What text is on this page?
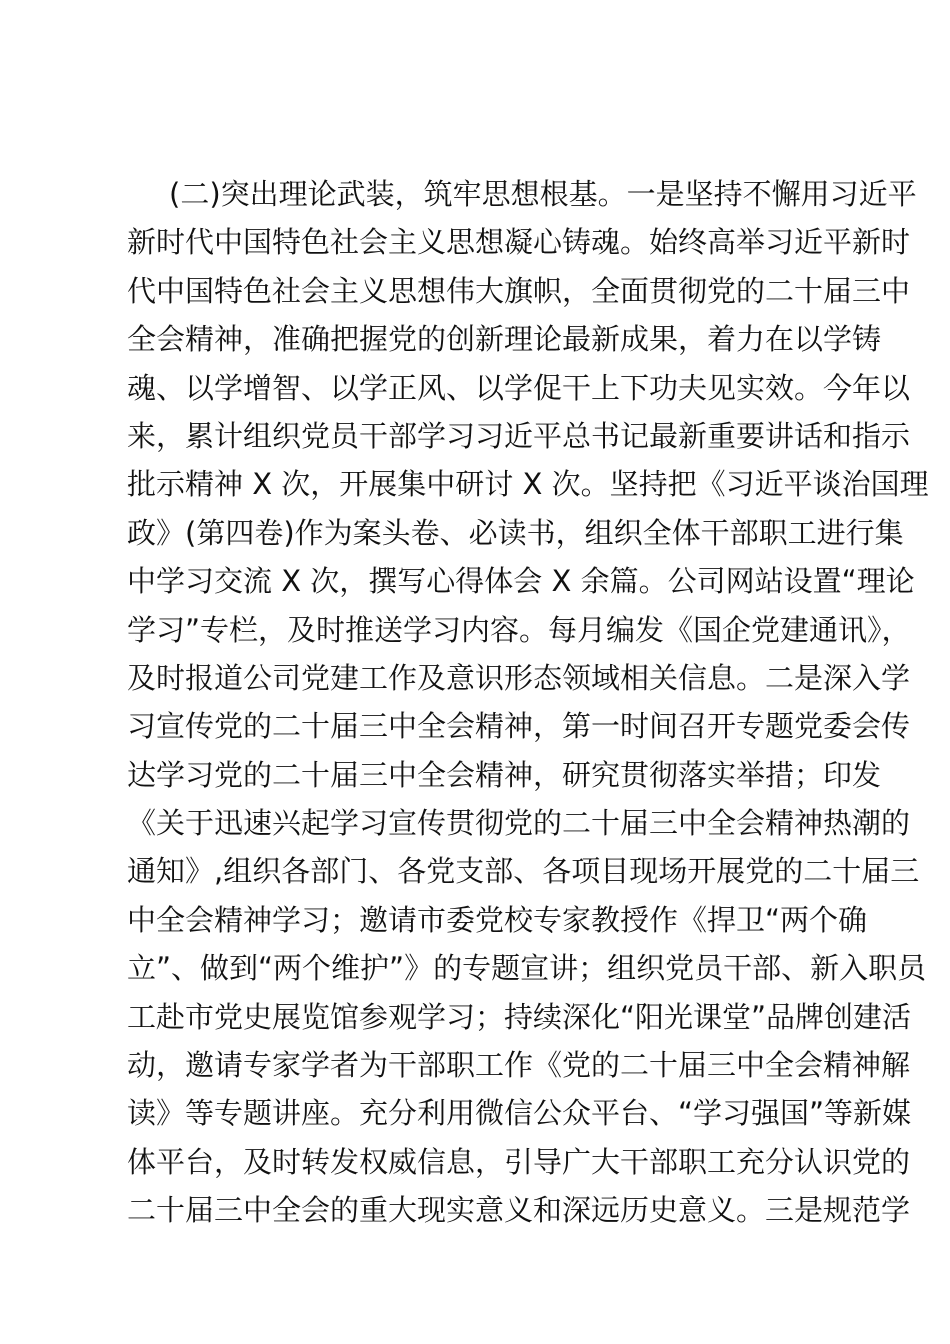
(二)突出理论武装，筑牢思想根基。一是坚持不懈用习近平
新时代中国特色社会主义思想凝心铸魂。始终高举习近平新时
代中国特色社会主义思想伟大旗帜，全面贯彻党的二十届三中
全会精神，准确把握党的创新理论最新成果，着力在以学铸
魂、以学增智、以学正风、以学促干上下功夫见实效。今年以
来，累计组织党员干部学习习近平总书记最新重要讲话和指示
批示精神 X 次，开展集中研讨 X 次。坚持把《习近平谈治国理
政》(第四卷)作为案头卷、必读书，组织全体干部职工进行集
中学习交流 X 次，撰写心得体会 X 余篇。公司网站设置“理论
学习”专栏，及时推送学习内容。每月编发《国企党建通讯》，
及时报道公司党建工作及意识形态领域相关信息。二是深入学
习宣传党的二十届三中全会精神，第一时间召开专题党委会传
达学习党的二十届三中全会精神，研究贯彻落实举措；印发
《关于迅速兴起学习宣传贯彻党的二十届三中全会精神热潮的
通知》,组织各部门、各党支部、各项目现场开展党的二十届三
中全会精神学习；邀请市委党校专家教授作《捍卫“两个确
立”、做到“两个维护”》的专题宣讲；组织党员干部、新入职员
工赴市党史展览馆参观学习；持续深化“阳光课堂”品牌创建活
动，邀请专家学者为干部职工作《党的二十届三中全会精神解
读》等专题讲座。充分利用微信公众平台、“学习强国”等新媒
体平台，及时转发权威信息，引导广大干部职工充分认识党的
二十届三中全会的重大现实意义和深远历史意义。三是规范学
